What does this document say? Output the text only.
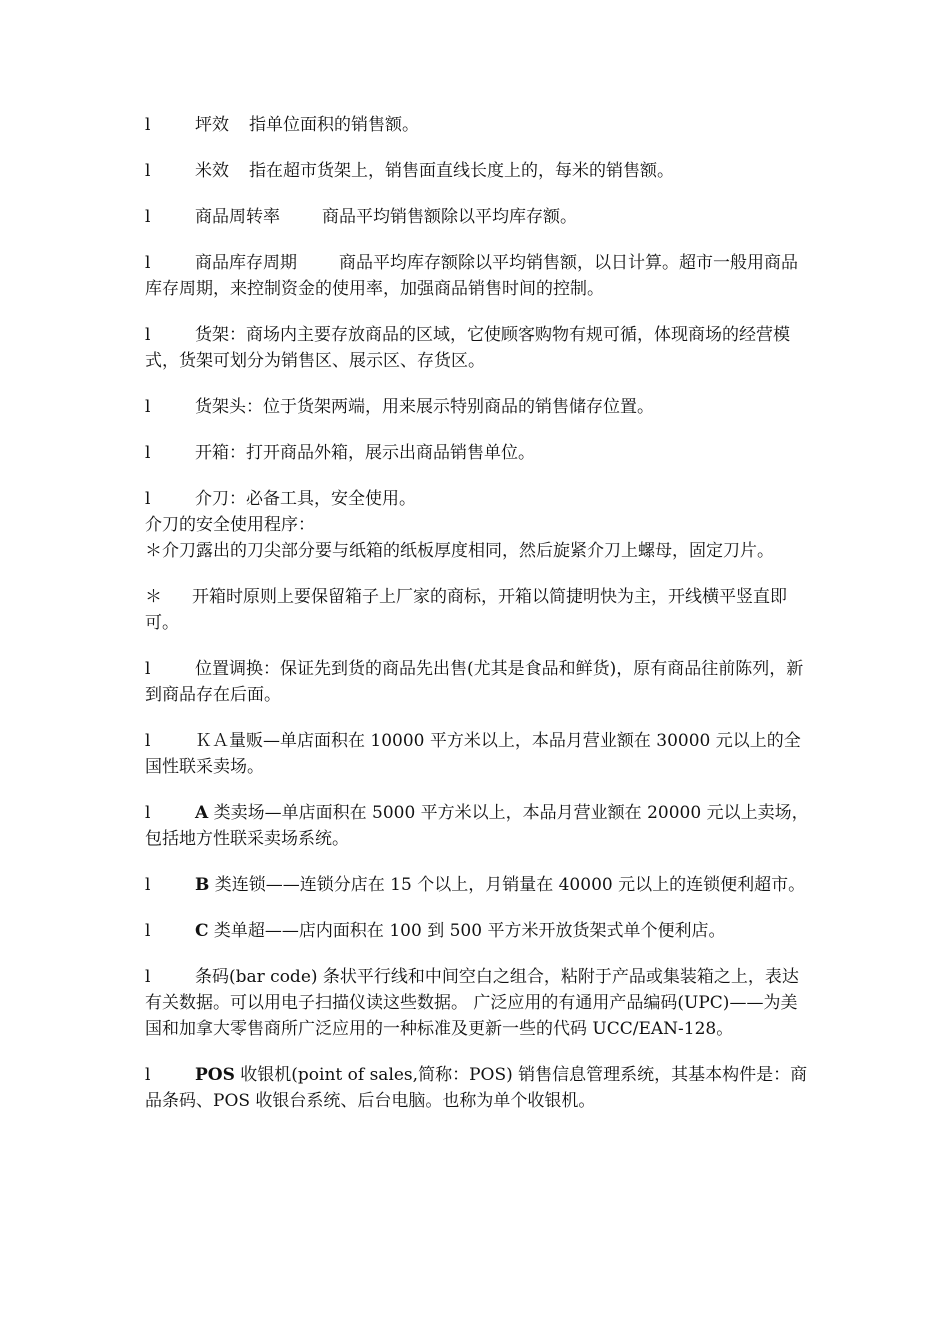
l	坪效 指单位面积的销售额。

l	米效 指在超市货架上，销售面直线长度上的，每米的销售额。

l	商品周转率 商品平均销售额除以平均库存额。

l	商品库存周期 商品平均库存额除以平均销售额，以日计算。超市一般用商品库存周期，来控制资金的使用率，加强商品销售时间的控制。

l	货架：商场内主要存放商品的区域，它使顾客购物有规可循，体现商场的经营模式，货架可划分为销售区、展示区、存货区。

l	货架头：位于货架两端，用来展示特别商品的销售储存位置。

l	开箱：打开商品外箱，展示出商品销售单位。

l	介刀：必备工具，安全使用。
介刀的安全使用程序：
＊介刀露出的刀尖部分要与纸箱的纸板厚度相同，然后旋紧介刀上螺母，固定刀片。

＊ 开箱时原则上要保留箱子上厂家的商标，开箱以简捷明快为主，开线横平竖直即可。

l	位置调换：保证先到货的商品先出售(尤其是食品和鲜货)，原有商品往前陈列，新到商品存在后面。

l	ＫＡ量贩—单店面积在 10000 平方米以上，本品月营业额在 30000 元以上的全国性联采卖场。

l	A 类卖场—单店面积在 5000 平方米以上，本品月营业额在 20000 元以上卖场，包括地方性联采卖场系统。

l	B 类连锁——连锁分店在 15 个以上，月销量在 40000 元以上的连锁便利超市。

l	C 类单超——店内面积在 100 到 500 平方米开放货架式单个便利店。

l	条码(bar code) 条状平行线和中间空白之组合，粘附于产品或集装箱之上，表达有关数据。可以用电子扫描仪读这些数据。 广泛应用的有通用产品编码(UPC)——为美国和加拿大零售商所广泛应用的一种标准及更新一些的代码 UCC/EAN-128。

l	POS 收银机(point of sales,简称：POS) 销售信息管理系统，其基本构件是：商品条码、POS 收银台系统、后台电脑。也称为单个收银机。
